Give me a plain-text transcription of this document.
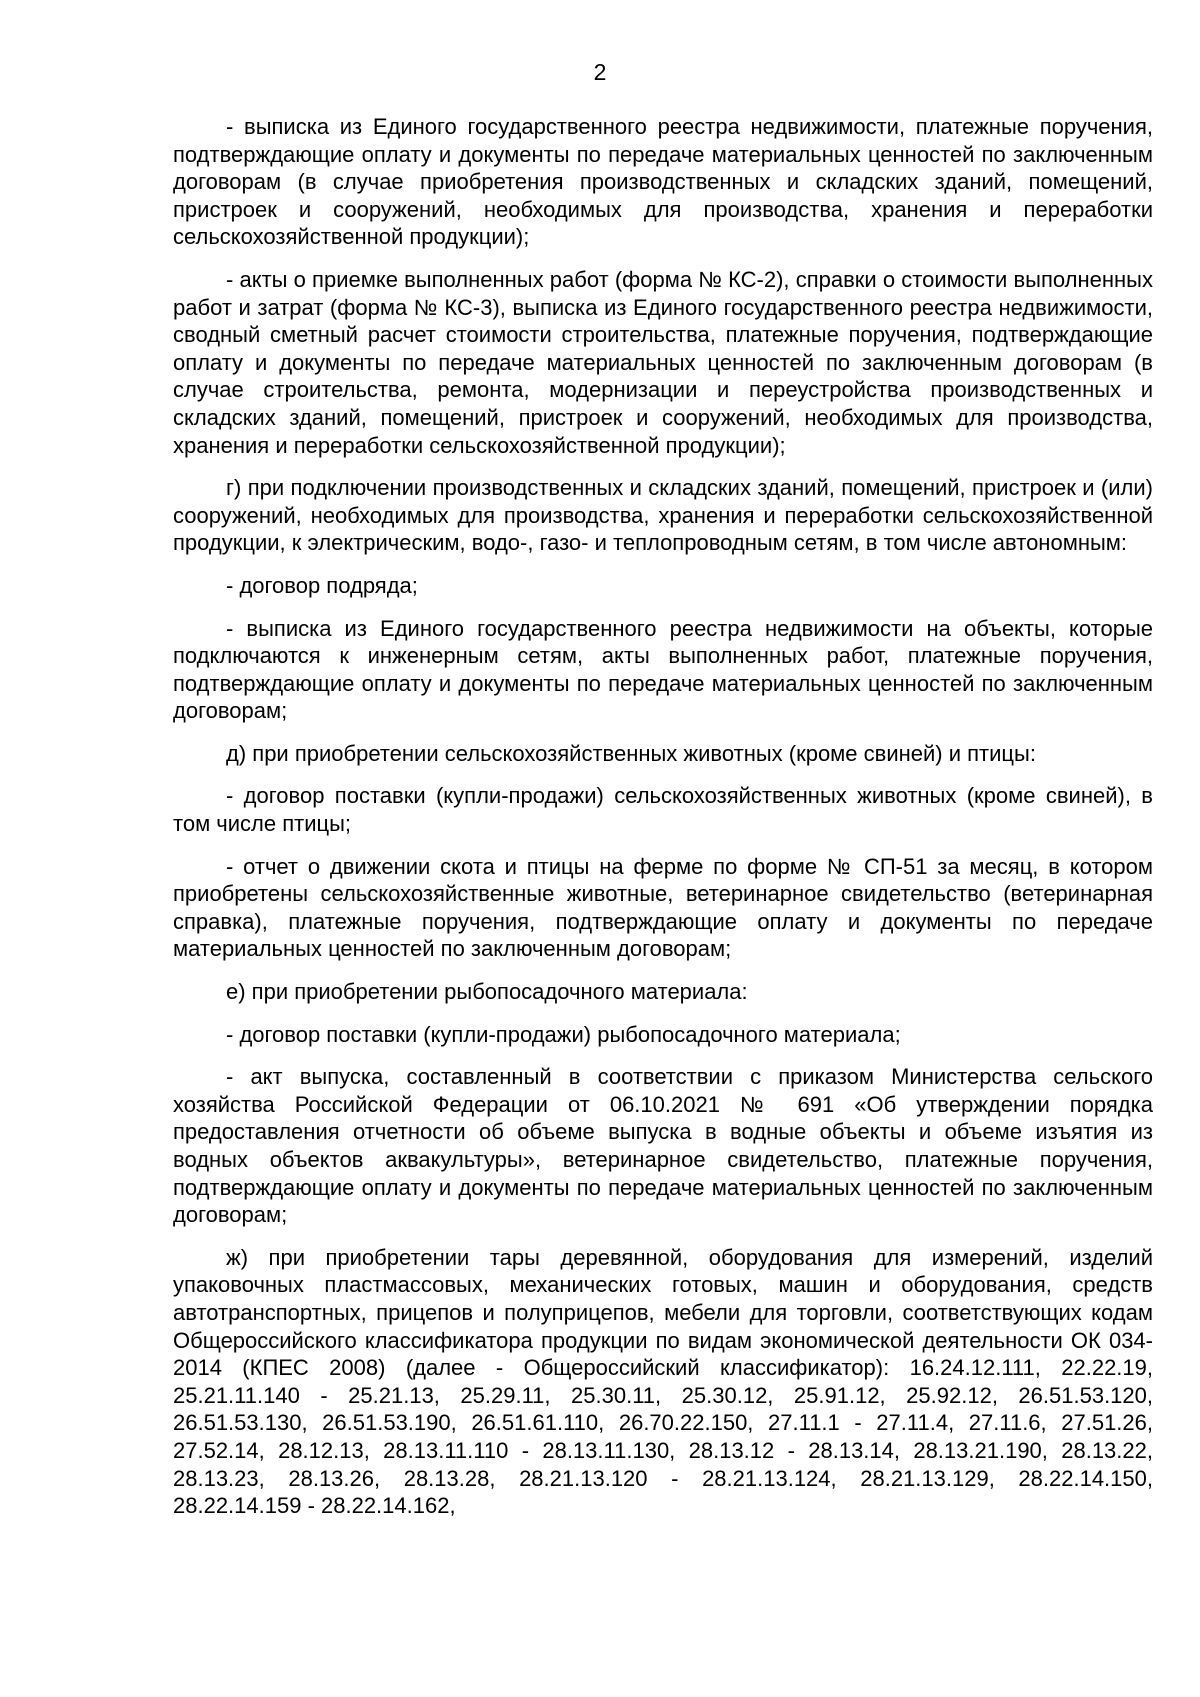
2

- выписка из Единого государственного реестра недвижимости, платежные поручения, подтверждающие оплату и документы по передаче материальных ценностей по заключенным договорам (в случае приобретения производственных и складских зданий, помещений, пристроек и сооружений, необходимых для производства, хранения и переработки сельскохозяйственной продукции);

- акты о приемке выполненных работ (форма № КС-2), справки о стоимости выполненных работ и затрат (форма № КС-3), выписка из Единого государственного реестра недвижимости, сводный сметный расчет стоимости строительства, платежные поручения, подтверждающие оплату и документы по передаче материальных ценностей по заключенным договорам (в случае строительства, ремонта, модернизации и переустройства производственных и складских зданий, помещений, пристроек и сооружений, необходимых для производства, хранения и переработки сельскохозяйственной продукции);

г) при подключении производственных и складских зданий, помещений, пристроек и (или) сооружений, необходимых для производства, хранения и переработки сельскохозяйственной продукции, к электрическим, водо-, газо- и теплопроводным сетям, в том числе автономным:

- договор подряда;

- выписка из Единого государственного реестра недвижимости на объекты, которые подключаются к инженерным сетям, акты выполненных работ, платежные поручения, подтверждающие оплату и документы по передаче материальных ценностей по заключенным договорам;

д) при приобретении сельскохозяйственных животных (кроме свиней) и птицы:

- договор поставки (купли-продажи) сельскохозяйственных животных (кроме свиней), в том числе птицы;

- отчет о движении скота и птицы на ферме по форме № СП-51 за месяц, в котором приобретены сельскохозяйственные животные, ветеринарное свидетельство (ветеринарная справка), платежные поручения, подтверждающие оплату и документы по передаче материальных ценностей по заключенным договорам;

е) при приобретении рыбопосадочного материала:

- договор поставки (купли-продажи) рыбопосадочного материала;

- акт выпуска, составленный в соответствии с приказом Министерства сельского хозяйства Российской Федерации от 06.10.2021 № 691 «Об утверждении порядка предоставления отчетности об объеме выпуска в водные объекты и объеме изъятия из водных объектов аквакультуры», ветеринарное свидетельство, платежные поручения, подтверждающие оплату и документы по передаче материальных ценностей по заключенным договорам;

ж) при приобретении тары деревянной, оборудования для измерений, изделий упаковочных пластмассовых, механических готовых, машин и оборудования, средств автотранспортных, прицепов и полуприцепов, мебели для торговли, соответствующих кодам Общероссийского классификатора продукции по видам экономической деятельности ОК 034-2014 (КПЕС 2008) (далее - Общероссийский классификатор): 16.24.12.111, 22.22.19, 25.21.11.140 - 25.21.13, 25.29.11, 25.30.11, 25.30.12, 25.91.12, 25.92.12, 26.51.53.120, 26.51.53.130, 26.51.53.190, 26.51.61.110, 26.70.22.150, 27.11.1 - 27.11.4, 27.11.6, 27.51.26, 27.52.14, 28.12.13, 28.13.11.110 - 28.13.11.130, 28.13.12 - 28.13.14, 28.13.21.190, 28.13.22, 28.13.23, 28.13.26, 28.13.28, 28.21.13.120 - 28.21.13.124, 28.21.13.129, 28.22.14.150, 28.22.14.159 - 28.22.14.162,
